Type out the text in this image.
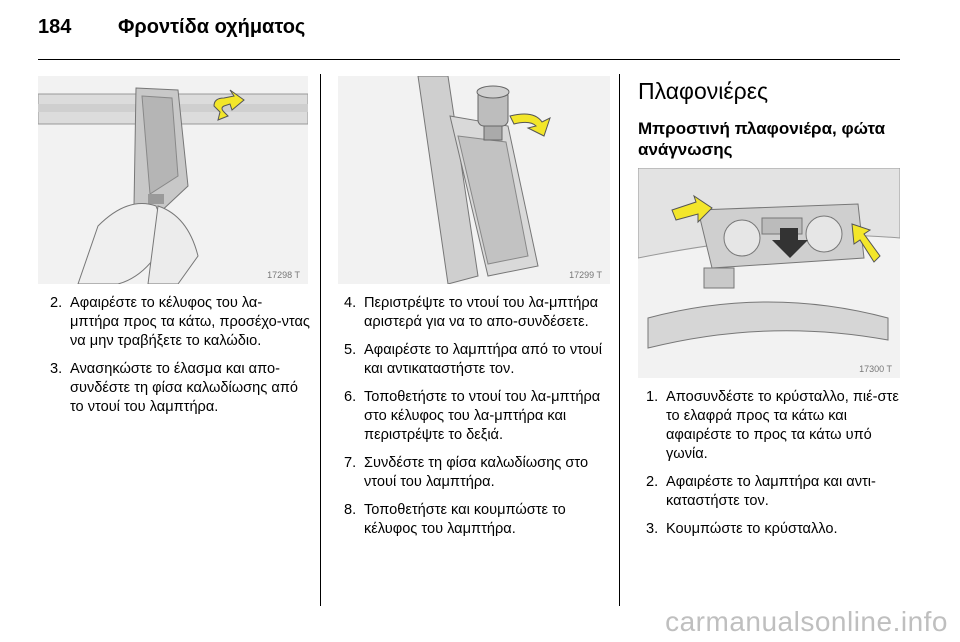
184 Φροντίδα οχήματος
17298 T	17299 T
17300 T
2. Αφαιρέστε το κέλυφος του λα-μπτήρα προς τα κάτω, προσέχο-ντας να μην τραβήξετε το καλώδιο.
3. Ανασηκώστε το έλασμα και απο-συνδέστε τη φίσα καλωδίωσης από το ντουί του λαμπτήρα.
4. Περιστρέψτε το ντουί του λα-μπτήρα αριστερά για να το απο-συνδέσετε.
5. Αφαιρέστε το λαμπτήρα από το ντουί και αντικαταστήστε τον.
6. Τοποθετήστε το ντουί του λα-μπτήρα στο κέλυφος του λα-μπτήρα και περιστρέψτε το δεξιά.
7. Συνδέστε τη φίσα καλωδίωσης στο ντουί του λαμπτήρα.
8. Τοποθετήστε και κουμπώστε το κέλυφος του λαμπτήρα.
Πλαφονιέρες
Μπροστινή πλαφονιέρα, φώτα ανάγνωσης
1. Αποσυνδέστε το κρύσταλλο, πιέ-στε το ελαφρά προς τα κάτω και αφαιρέστε το προς τα κάτω υπό γωνία.
2. Αφαιρέστε το λαμπτήρα και αντι-καταστήστε τον.
3. Κουμπώστε το κρύσταλλο.
carmanualsonline.info
